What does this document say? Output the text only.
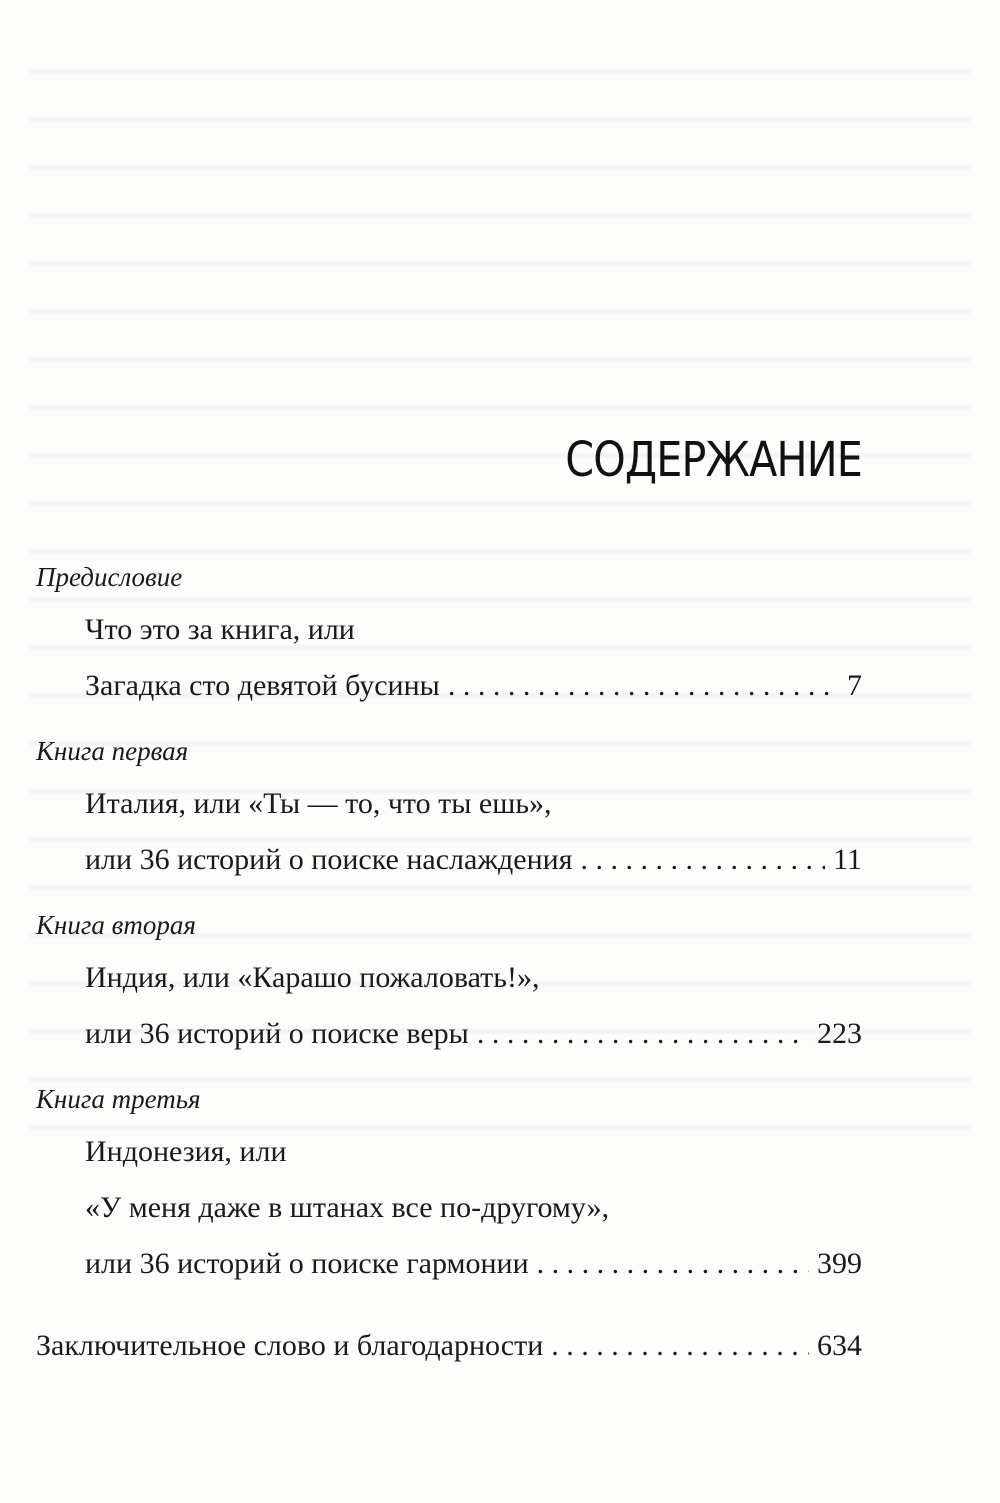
СОДЕРЖАНИЕ

Предисловие

Что это за книга, или
Загадка сто девятой бусины . . .	7

Книга первая

Италия, или «Ты — то, что ты ешь»,
или 36 историй о поиске наслаждения . . .	11

Книга вторая

Индия, или «Карашо пожаловать!»,
или 36 историй о поиске веры . . .	223

Книга третья

Индонезия, или
«У меня даже в штанах все по-другому»,
или 36 историй о поиске гармонии . . .	399
Заключительное слово и благодарности . . .	634
